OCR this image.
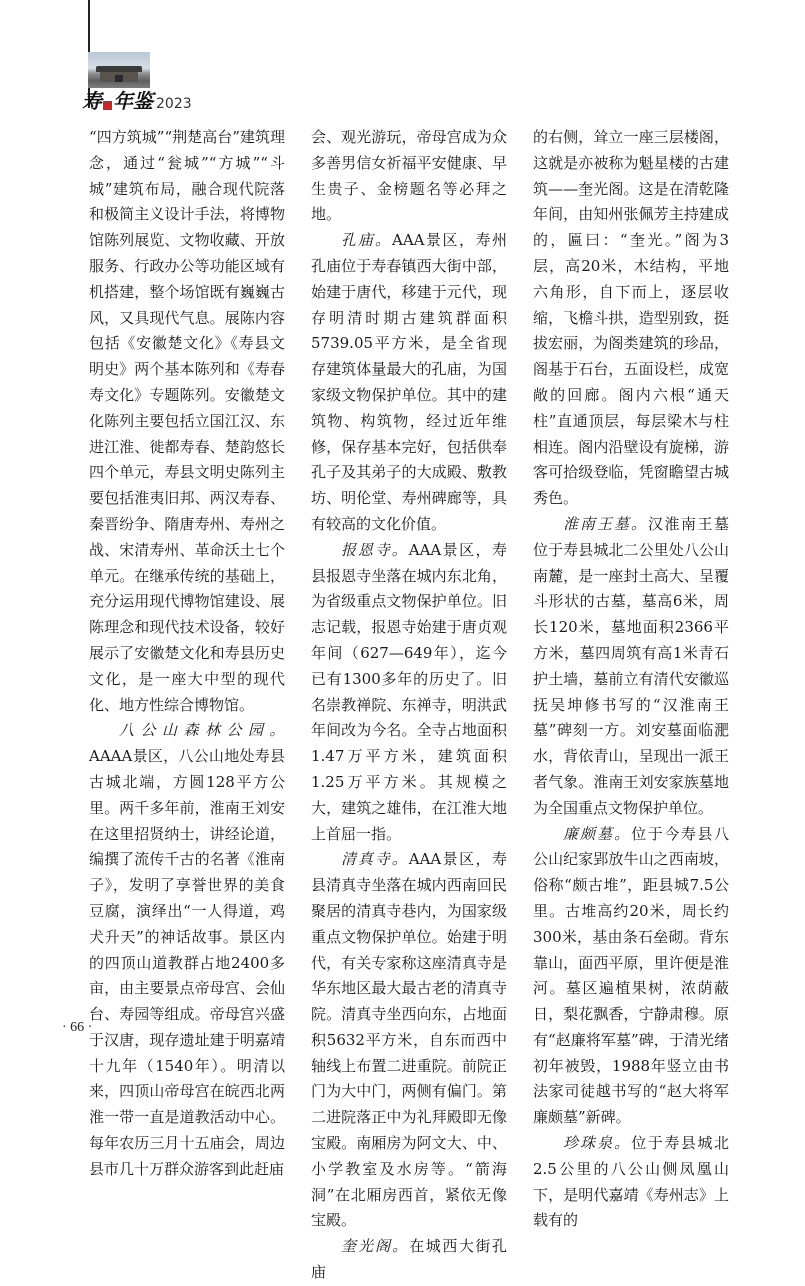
寿 年鉴 2023

“四方筑城”“荆楚高台”建筑理念，通过“瓮城”“方城”“斗城”建筑布局，融合现代院落和极简主义设计手法，将博物馆陈列展览、文物收藏、开放服务、行政办公等功能区域有机搭建，整个场馆既有巍巍古风，又具现代气息。展陈内容包括《安徽楚文化》《寿县文明史》两个基本陈列和《寿春寿文化》专题陈列。安徽楚文化陈列主要包括立国江汉、东进江淮、徙都寿春、楚韵悠长四个单元，寿县文明史陈列主要包括淮夷旧邦、两汉寿春、秦晋纷争、隋唐寿州、寿州之战、宋清寿州、革命沃土七个单元。在继承传统的基础上，充分运用现代博物馆建设、展陈理念和现代技术设备，较好展示了安徽楚文化和寿县历史文化，是一座大中型的现代化、地方性综合博物馆。

八公山森林公园。AAAA景区，八公山地处寿县古城北端，方圆128平方公里。两千多年前，淮南王刘安在这里招贤纳士，讲经论道，编撰了流传千古的名著《淮南子》，发明了享誉世界的美食豆腐，演绎出“一人得道，鸡犬升天”的神话故事。景区内的四顶山道教群占地2400多亩，由主要景点帝母宫、会仙台、寿园等组成。帝母宫兴盛于汉唐，现存遗址建于明嘉靖十九年（1540年）。明清以来，四顶山帝母宫在皖西北两淮一带一直是道教活动中心。每年农历三月十五庙会，周边县市几十万群众游客到此赶庙

会、观光游玩，帝母宫成为众多善男信女祈福平安健康、早生贵子、金榜题名等必拜之地。

孔庙。AAA景区，寿州孔庙位于寿春镇西大街中部，始建于唐代，移建于元代，现存明清时期古建筑群面积5739.05平方米，是全省现存建筑体量最大的孔庙，为国家级文物保护单位。其中的建筑物、构筑物，经过近年维修，保存基本完好，包括供奉孔子及其弟子的大成殿、敷教坊、明伦堂、寿州碑廊等，具有较高的文化价值。

报恩寺。AAA景区，寿县报恩寺坐落在城内东北角，为省级重点文物保护单位。旧志记载，报恩寺始建于唐贞观年间（627—649年），迄今已有1300多年的历史了。旧名崇教禅院、东禅寺，明洪武年间改为今名。全寺占地面积1.47万平方米，建筑面积1.25万平方米。其规模之大，建筑之雄伟，在江淮大地上首屈一指。

清真寺。AAA景区，寿县清真寺坐落在城内西南回民聚居的清真寺巷内，为国家级重点文物保护单位。始建于明代，有关专家称这座清真寺是华东地区最大最古老的清真寺院。清真寺坐西向东，占地面积5632平方米，自东而西中轴线上布置二进重院。前院正门为大中门，两侧有偏门。第二进院落正中为礼拜殿即无像宝殿。南厢房为阿文大、中、小学教室及水房等。“箭海洞”在北厢房西首，紧依无像宝殿。

奎光阁。在城西大街孔庙

的右侧，耸立一座三层楼阁，这就是亦被称为魁星楼的古建筑——奎光阁。这是在清乾隆年间，由知州张佩芳主持建成的，匾曰：“奎光。”阁为3层，高20米，木结构，平地六角形，自下而上，逐层收缩，飞檐斗拱，造型别致，挺拔宏丽，为阁类建筑的珍品，阁基于石台，五面设栏，成宽敞的回廊。阁内六根“通天柱”直通顶层，每层梁木与柱相连。阁内沿壁设有旋梯，游客可拾级登临，凭窗瞻望古城秀色。

淮南王墓。汉淮南王墓位于寿县城北二公里处八公山南麓，是一座封土高大、呈覆斗形状的古墓，墓高6米，周长120米，墓地面积2366平方米，墓四周筑有高1米青石护土墙，墓前立有清代安徽巡抚吴坤修书写的“汉淮南王墓”碑刻一方。刘安墓面临淝水，背依青山，呈现出一派王者气象。淮南王刘安家族墓地为全国重点文物保护单位。

廉颇墓。位于今寿县八公山纪家郢放牛山之西南坡，俗称“颇古堆”，距县城7.5公里。古堆高约20米，周长约300米，基由条石垒砌。背东靠山，面西平原，里许便是淮河。墓区遍植果树，浓荫蔽日，梨花飘香，宁静肃穆。原有“赵廉将军墓”碑，于清光绪初年被毁，1988年竖立由书法家司徒越书写的“赵大将军廉颇墓”新碑。

珍珠泉。位于寿县城北2.5公里的八公山侧凤凰山下，是明代嘉靖《寿州志》上载有的

· 66 ·
